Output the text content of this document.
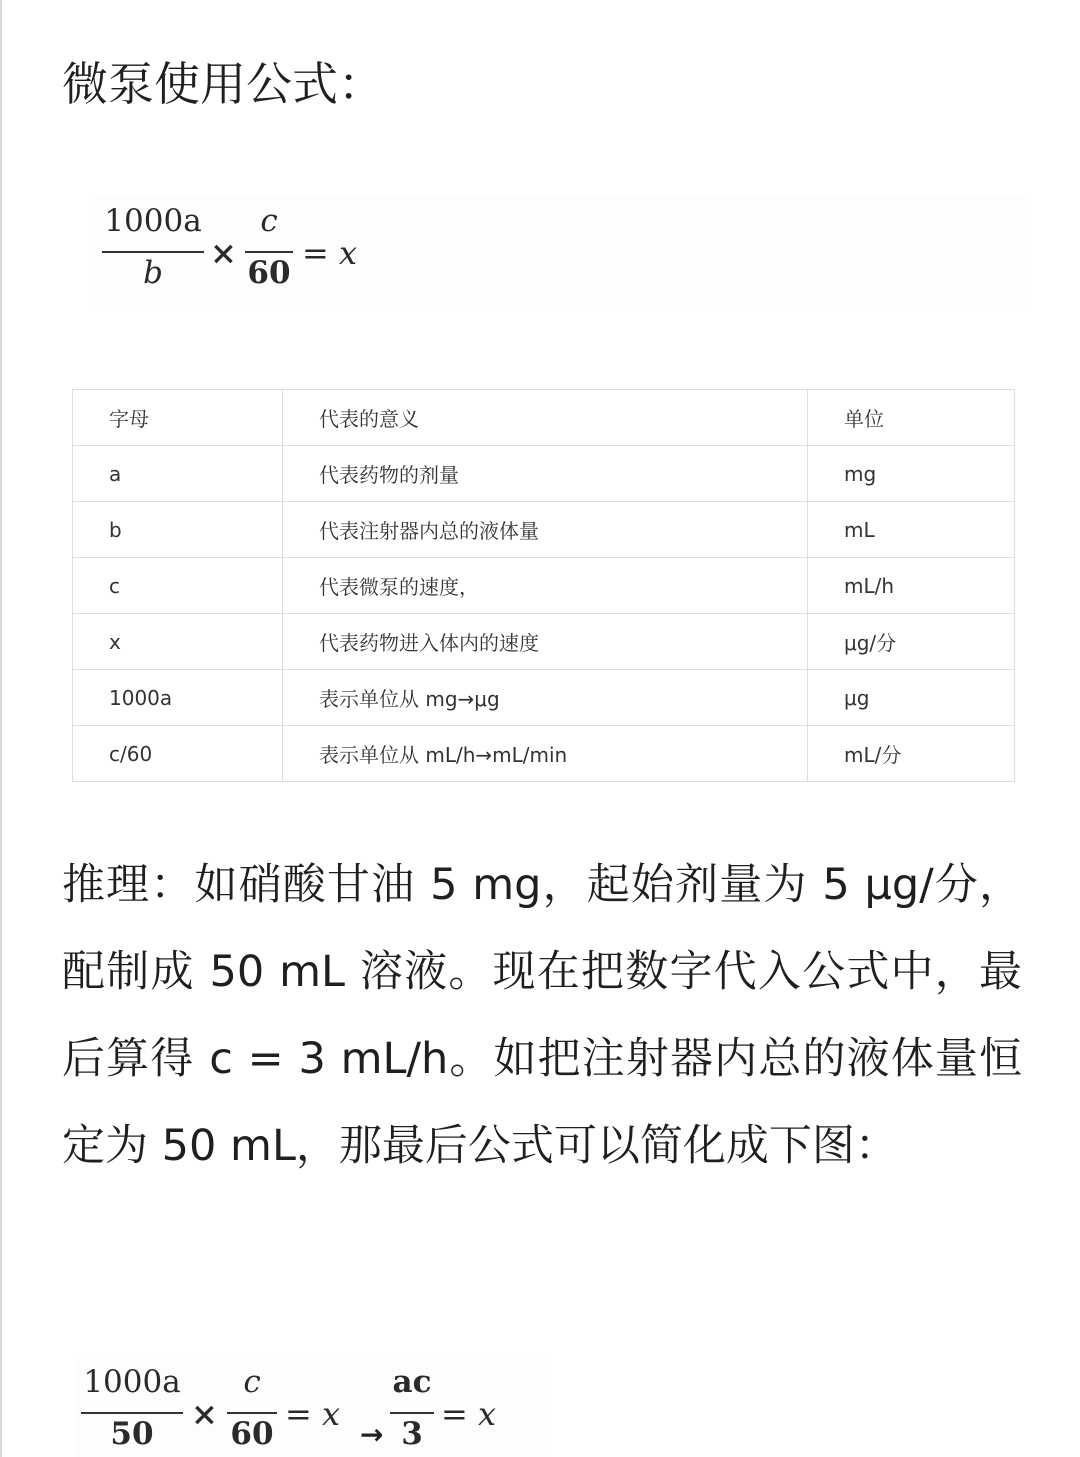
微泵使用公式：
1000a
b
×
c
60
= x
字母	代表的意义	单位
a	代表药物的剂量	mg
b	代表注射器内总的液体量	mL
c	代表微泵的速度，	mL/h
x	代表药物进入体内的速度	μg/分
1000a	表示单位从 mg→μg	μg
c/60	表示单位从 mL/h→mL/min	mL/分

推理：如硝酸甘油 5 mg，起始剂量为 5 μg/分，配制成 50 mL 溶液。现在把数字代入公式中，最后算得 c = 3 mL/h。如把注射器内总的液体量恒定为 50 mL，那最后公式可以简化成下图：

1000a
50
×
c
60
= x
→
ac
3
= x
